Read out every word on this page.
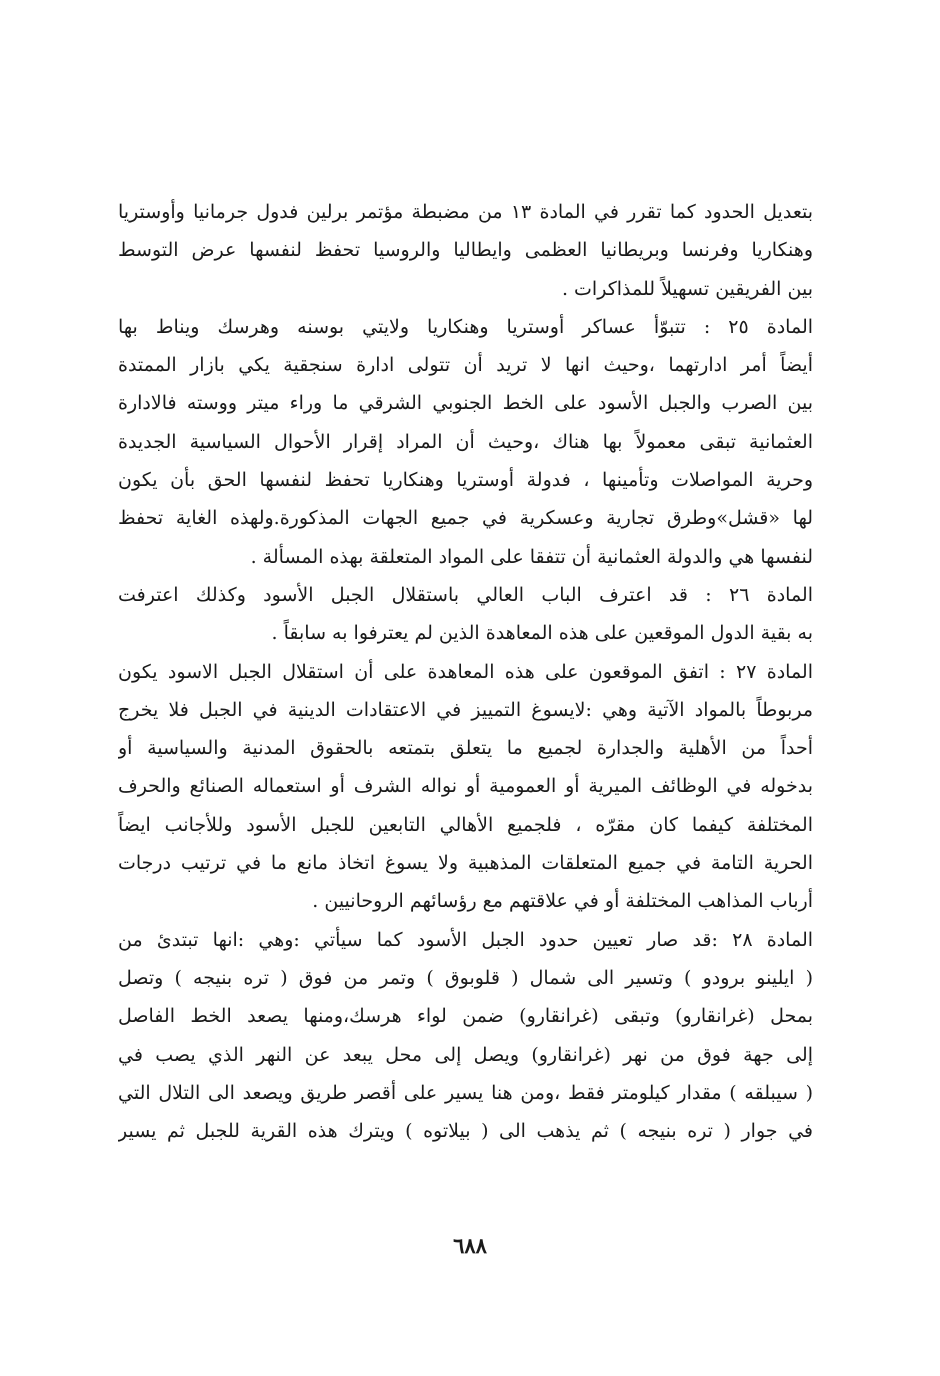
بتعديل الحدود كما تقرر في المادة ١٣ من مضبطة مؤتمر برلين فدول جرمانيا وأوستريا
وهنكاريا وفرنسا وبريطانيا العظمى وايطاليا والروسيا تحفظ لنفسها عرض التوسط
بين الفريقين تسهيلاً للمذاكرات .
المادة ٢٥ : تتبوّأ عساكر أوستريا وهنكاريا ولايتي بوسنه وهرسك ويناط بها
أيضاً أمر ادارتهما ،وحيث انها لا تريد أن تتولى ادارة سنجقية يكي بازار الممتدة
بين الصرب والجبل الأسود على الخط الجنوبي الشرقي ما وراء ميتر ووسته فالادارة
العثمانية تبقى معمولاً بها هناك ،وحيث أن المراد إقرار الأحوال السياسية الجديدة
وحرية المواصلات وتأمينها ، فدولة أوستريا وهنكاريا تحفظ لنفسها الحق بأن يكون
لها «قشل»وطرق تجارية وعسكرية في جميع الجهات المذكورة.ولهذه الغاية تحفظ
لنفسها هي والدولة العثمانية أن تتفقا على المواد المتعلقة بهذه المسألة .
المادة ٢٦ : قد اعترف الباب العالي باستقلال الجبل الأسود وكذلك اعترفت
به بقية الدول الموقعين على هذه المعاهدة الذين لم يعترفوا به سابقاً .
المادة ٢٧ : اتفق الموقعون على هذه المعاهدة على أن استقلال الجبل الاسود يكون
مربوطاً بالمواد الآتية وهي :لايسوغ التمييز في الاعتقادات الدينية في الجبل فلا يخرج
أحداً من الأهلية والجدارة لجميع ما يتعلق بتمتعه بالحقوق المدنية والسياسية أو
بدخوله في الوظائف الميرية أو العمومية أو نواله الشرف أو استعماله الصنائع والحرف
المختلفة كيفما كان مقرّه ، فلجميع الأهالي التابعين للجبل الأسود وللأجانب ايضاً
الحرية التامة في جميع المتعلقات المذهبية ولا يسوغ اتخاذ مانع ما في ترتيب درجات
أرباب المذاهب المختلفة أو في علاقتهم مع رؤسائهم الروحانيين .
المادة ٢٨ :قد صار تعيين حدود الجبل الأسود كما سيأتي :وهي :انها تبتدئ من
( ايلينو برودو ) وتسير الى شمال ( قلوبوق ) وتمر من فوق ( تره بنيجه ) وتصل
بمحل (غرانقارو) وتبقى (غرانقارو) ضمن لواء هرسك،ومنها يصعد الخط الفاصل
إلى جهة فوق من نهر (غرانقارو) ويصل إلى محل يبعد عن النهر الذي يصب في
( سيبلقه ) مقدار كيلومتر فقط ،ومن هنا يسير على أقصر طريق ويصعد الى التلال التي
في جوار ( تره بنيجه ) ثم يذهب الى ( بيلاتوه ) ويترك هذه القرية للجبل ثم يسير
٦٨٨
